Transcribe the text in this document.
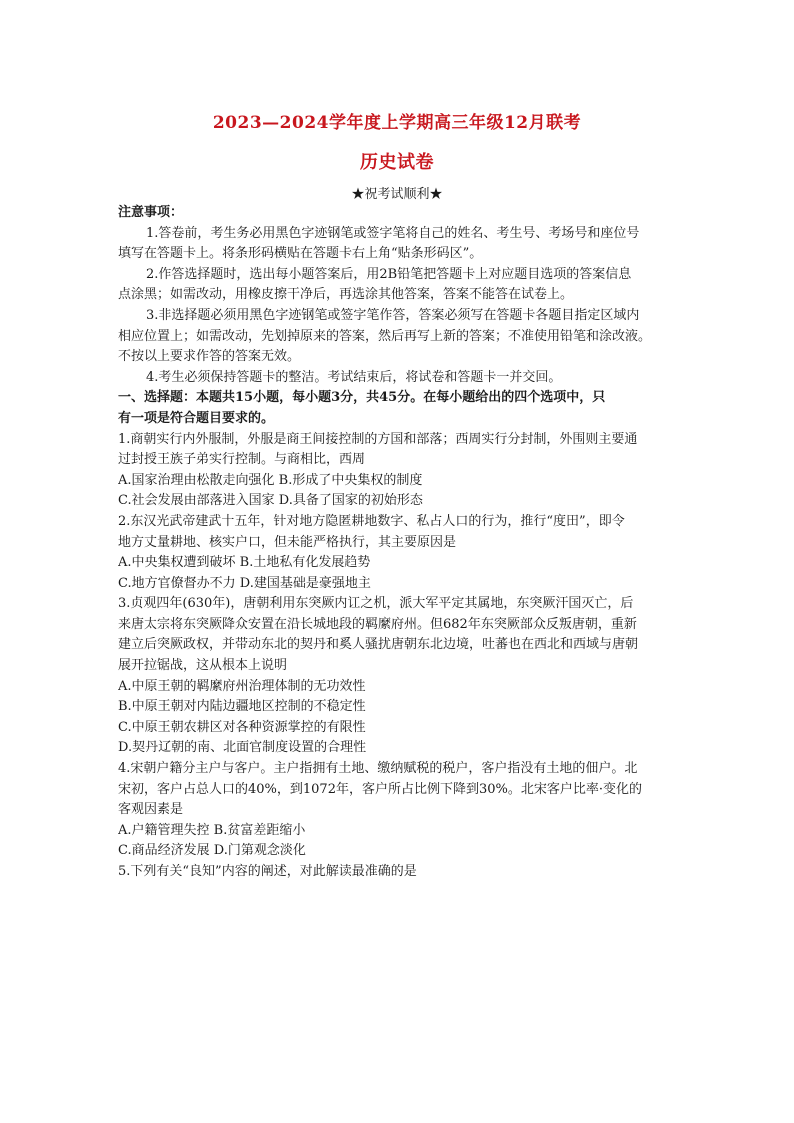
2023—2024学年度上学期高三年级12月联考
历史试卷
★祝考试顺利★
注意事项：
1.答卷前，考生务必用黑色字迹钢笔或签字笔将自己的姓名、考生号、考场号和座位号
填写在答题卡上。将条形码横贴在答题卡右上角“贴条形码区”。
2.作答选择题时，选出每小题答案后，用2B铅笔把答题卡上对应题目选项的答案信息
点涂黑；如需改动，用橡皮擦干净后，再选涂其他答案，答案不能答在试卷上。
3.非选择题必须用黑色字迹钢笔或签字笔作答，答案必须写在答题卡各题目指定区域内
相应位置上；如需改动，先划掉原来的答案，然后再写上新的答案；不准使用铅笔和涂改液。
不按以上要求作答的答案无效。
4.考生必须保持答题卡的整洁。考试结束后，将试卷和答题卡一并交回。
一、选择题：本题共15小题，每小题3分，共45分。在每小题给出的四个选项中，只
有一项是符合题目要求的。
1.商朝实行内外服制，外服是商王间接控制的方国和部落；西周实行分封制，外围则主要通
过封授王族子弟实行控制。与商相比，西周
A.国家治理由松散走向强化 B.形成了中央集权的制度
C.社会发展由部落进入国家 D.具备了国家的初始形态
2.东汉光武帝建武十五年，针对地方隐匿耕地数字、私占人口的行为，推行“度田”，即令
地方丈量耕地、核实户口，但未能严格执行，其主要原因是
A.中央集权遭到破坏 B.土地私有化发展趋势
C.地方官僚督办不力 D.建国基础是豪强地主
3.贞观四年(630年)，唐朝利用东突厥内讧之机，派大军平定其属地，东突厥汗国灭亡，后
来唐太宗将东突厥降众安置在沿长城地段的羁縻府州。但682年东突厥部众反叛唐朝，重新
建立后突厥政权，并带动东北的契丹和奚人骚扰唐朝东北边境，吐蕃也在西北和西域与唐朝
展开拉锯战，这从根本上说明
A.中原王朝的羁縻府州治理体制的无功效性
B.中原王朝对内陆边疆地区控制的不稳定性
C.中原王朝农耕区对各种资源掌控的有限性
D.契丹辽朝的南、北面官制度设置的合理性
4.宋朝户籍分主户与客户。主户指拥有土地、缴纳赋税的税户，客户指没有土地的佃户。北
宋初，客户占总人口的40%，到1072年，客户所占比例下降到30%。北宋客户比率·变化的
客观因素是
A.户籍管理失控 B.贫富差距缩小
C.商品经济发展 D.门第观念淡化
5.下列有关“良知”内容的阐述，对此解读最准确的是
